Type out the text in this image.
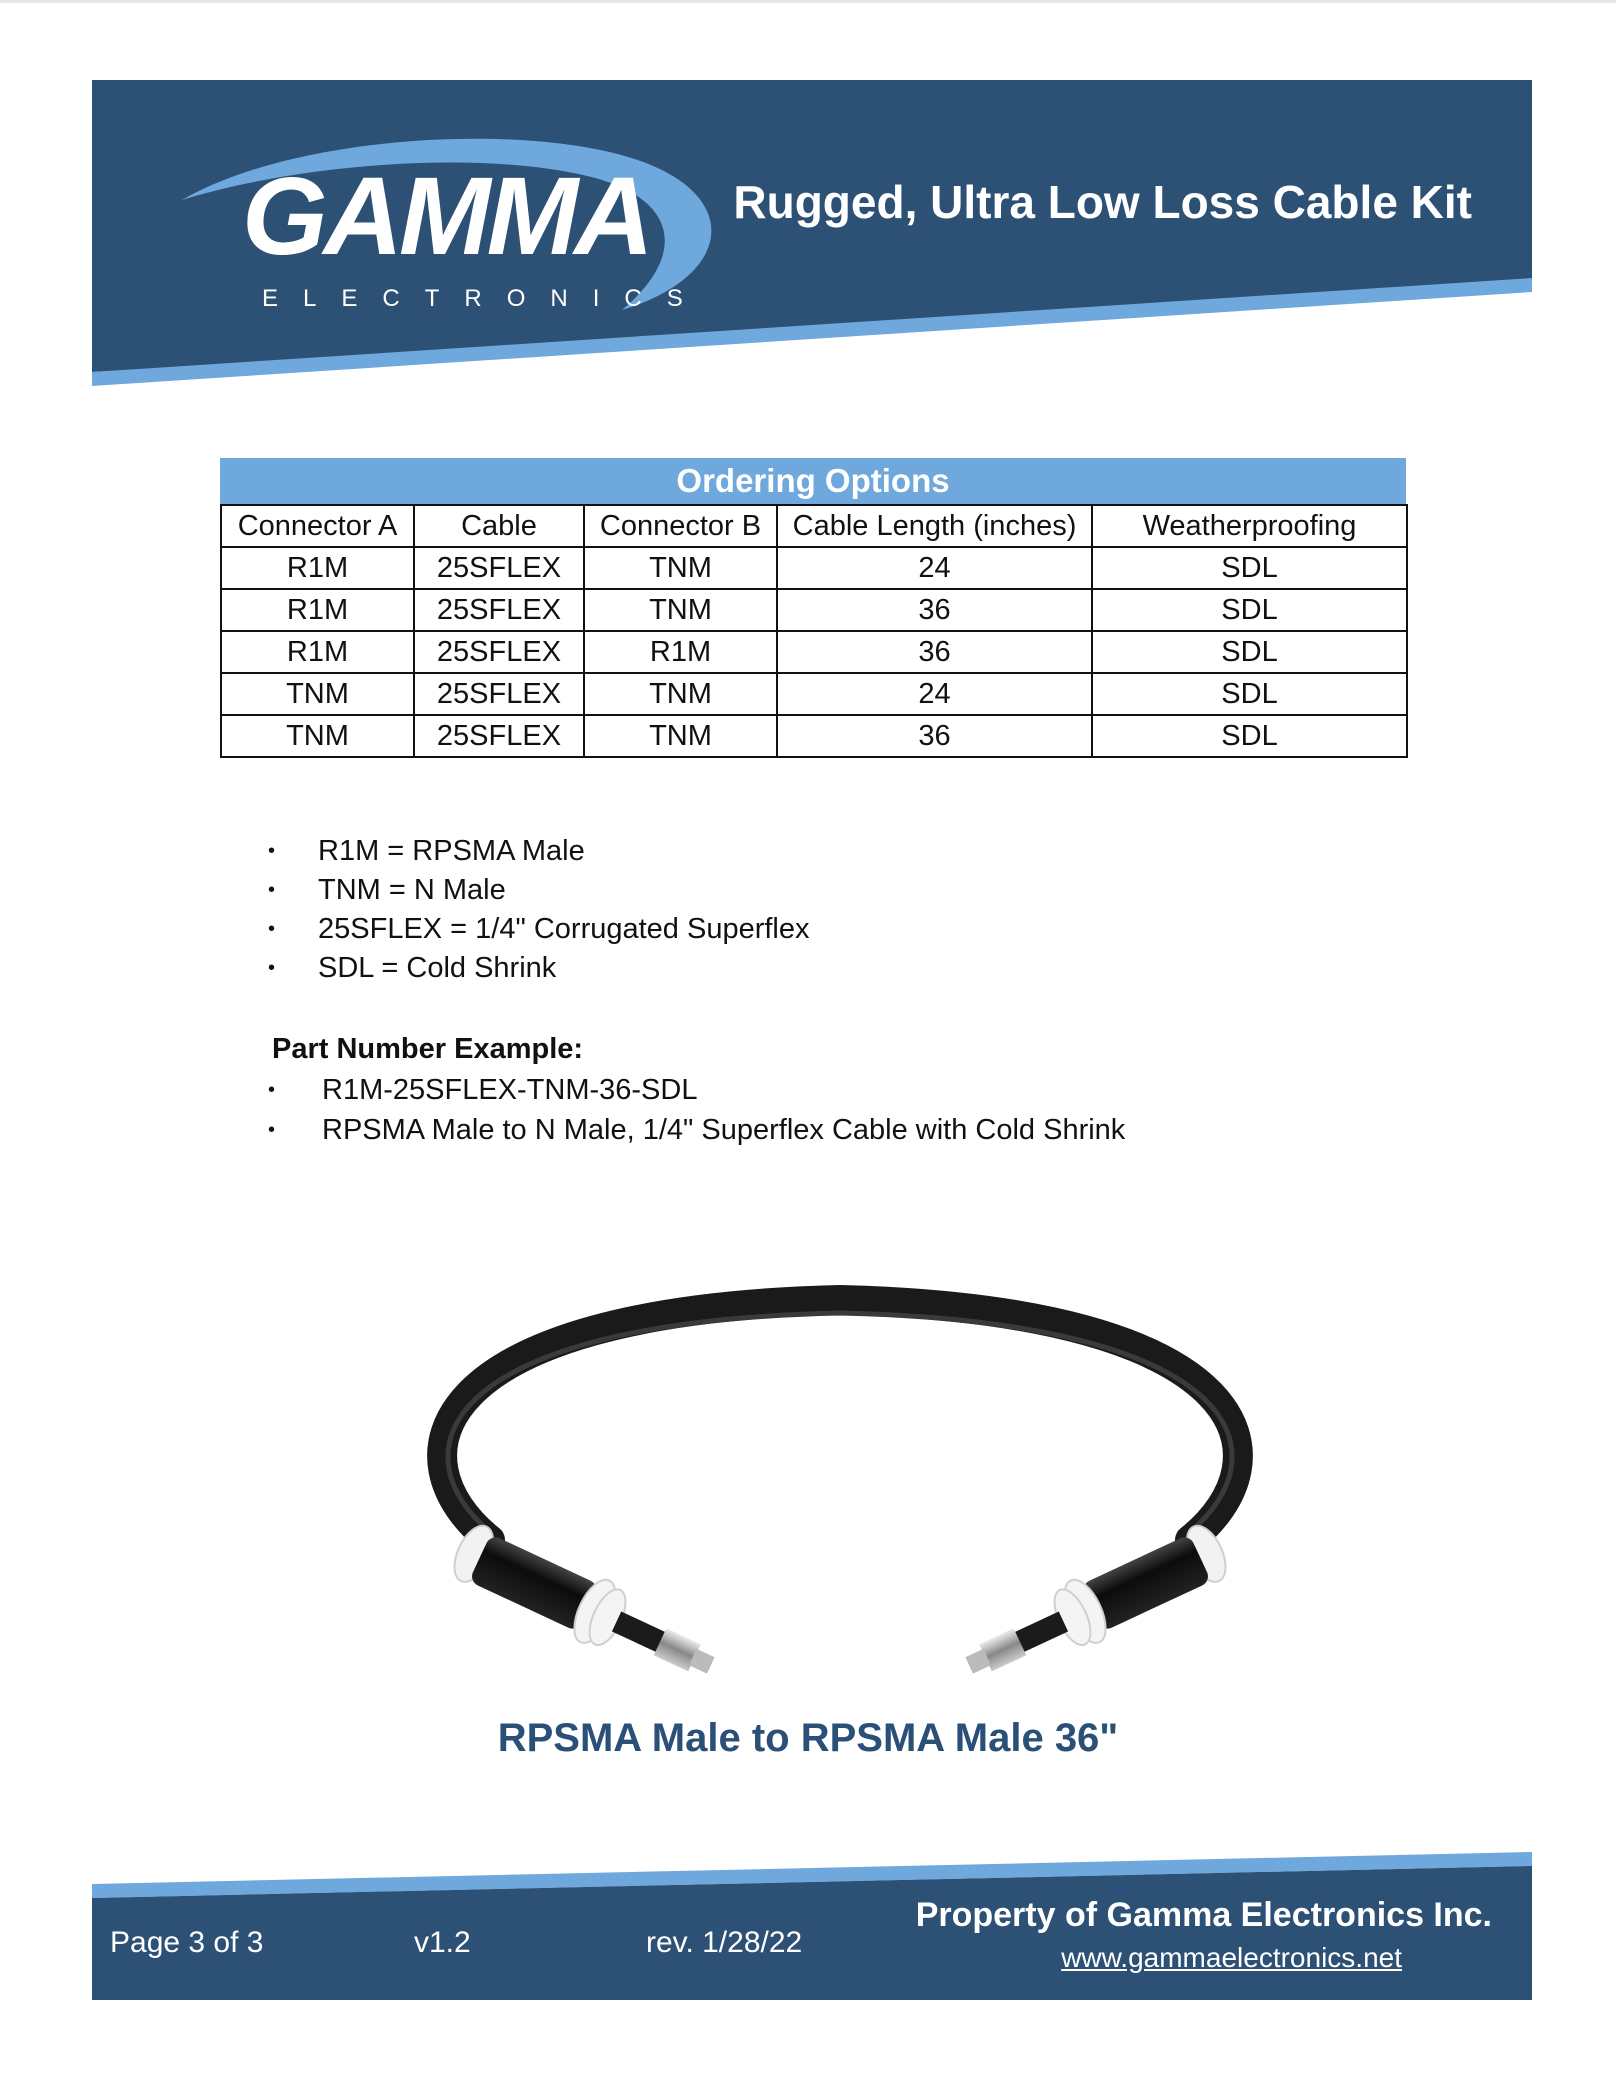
GAMMA
ELECTRONICS
Rugged, Ultra Low Loss Cable Kit
Ordering Options
Connector A	Cable	Connector B	Cable Length (inches)	Weatherproofing
R1M	25SFLEX	TNM	24	SDL
R1M	25SFLEX	TNM	36	SDL
R1M	25SFLEX	R1M	36	SDL
TNM	25SFLEX	TNM	24	SDL
TNM	25SFLEX	TNM	36	SDL
• R1M = RPSMA Male
• TNM = N Male
• 25SFLEX = 1/4" Corrugated Superflex
• SDL = Cold Shrink
Part Number Example:
• R1M-25SFLEX-TNM-36-SDL
• RPSMA Male to N Male, 1/4" Superflex Cable with Cold Shrink
RPSMA Male to RPSMA Male 36"
Page 3 of 3	v1.2	rev. 1/28/22
Property of Gamma Electronics Inc.
www.gammaelectronics.net
